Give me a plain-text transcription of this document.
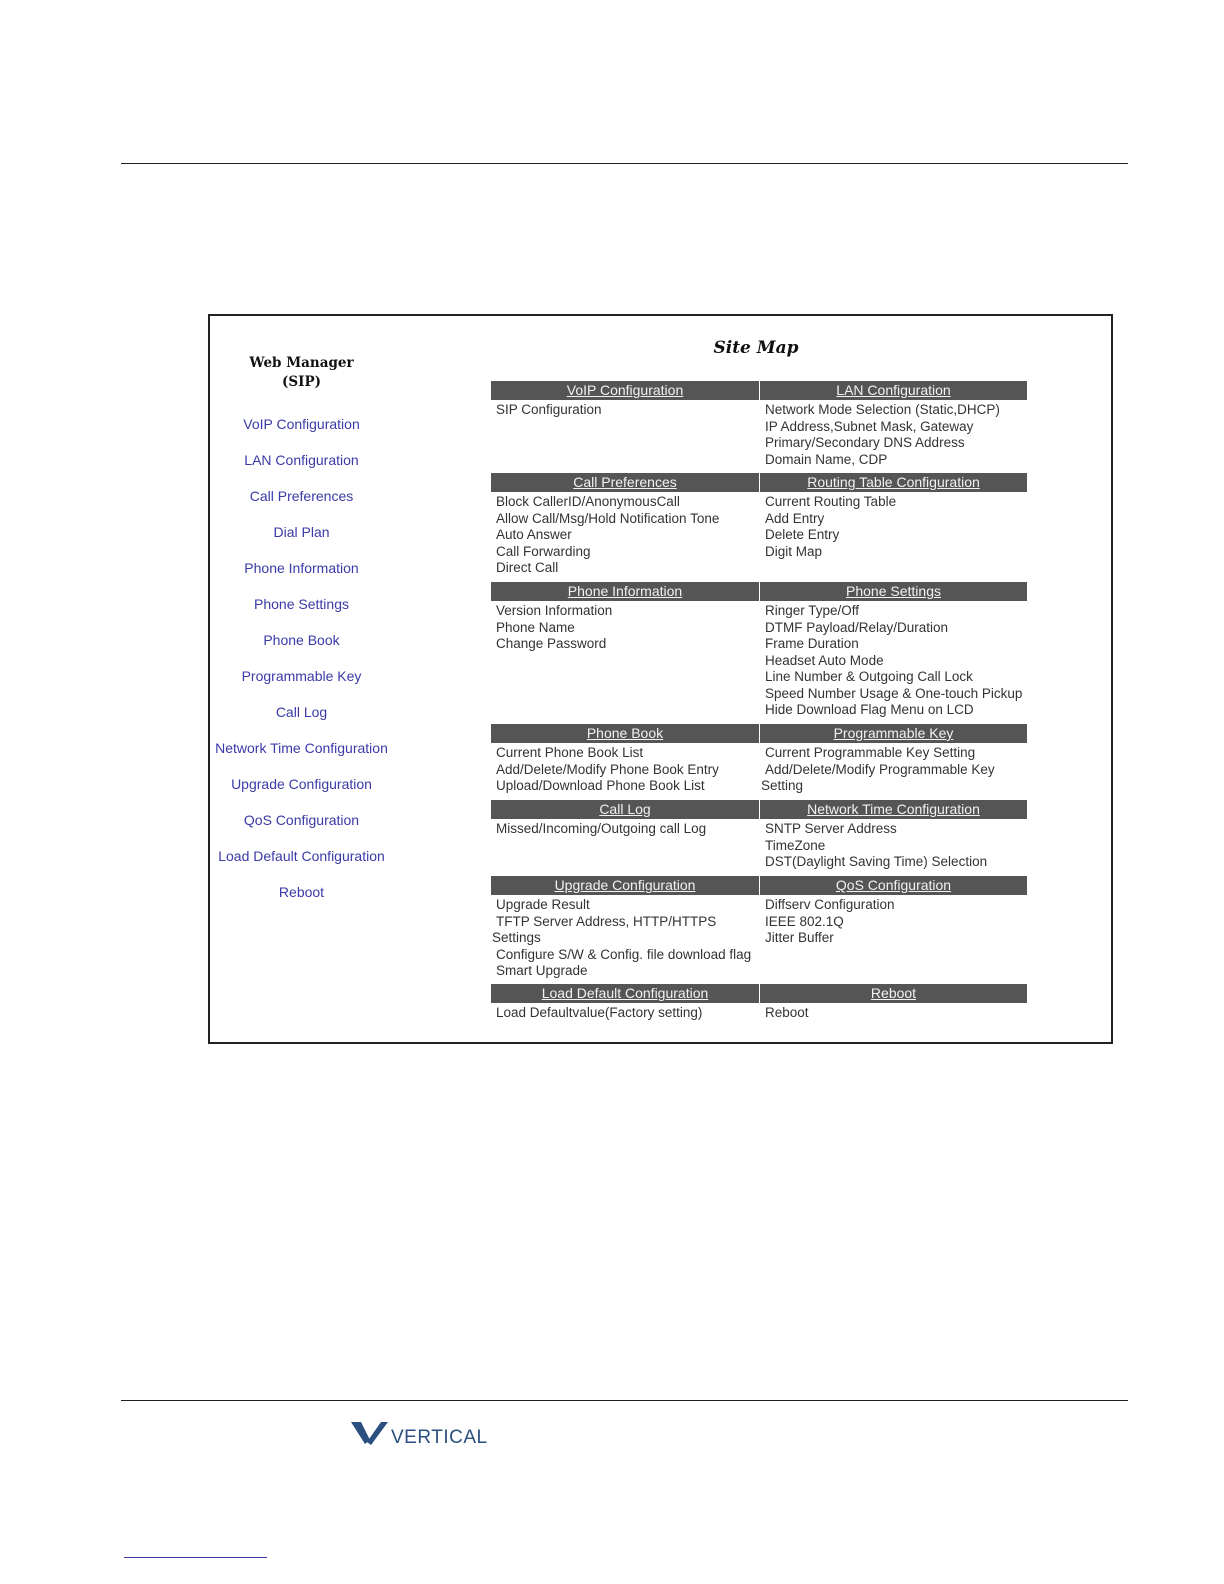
Web Manager
(SIP)
VoIP Configuration
LAN Configuration
Call Preferences
Dial Plan
Phone Information
Phone Settings
Phone Book
Programmable Key
Call Log
Network Time Configuration
Upgrade Configuration
QoS Configuration
Load Default Configuration
Reboot
Site Map
VoIP Configuration
SIP Configuration
LAN Configuration
Network Mode Selection (Static,DHCP)
IP Address,Subnet Mask, Gateway
Primary/Secondary DNS Address
Domain Name, CDP
Call Preferences
Block CallerID/AnonymousCall
Allow Call/Msg/Hold Notification Tone
Auto Answer
Call Forwarding
Direct Call
Routing Table Configuration
Current Routing Table
Add Entry
Delete Entry
Digit Map
Phone Information
Version Information
Phone Name
Change Password
Phone Settings
Ringer Type/Off
DTMF Payload/Relay/Duration
Frame Duration
Headset Auto Mode
Line Number & Outgoing Call Lock
Speed Number Usage & One-touch Pickup
Hide Download Flag Menu on LCD
Phone Book
Current Phone Book List
Add/Delete/Modify Phone Book Entry
Upload/Download Phone Book List
Programmable Key
Current Programmable Key Setting
Add/Delete/Modify Programmable Key
Setting
Call Log
Missed/Incoming/Outgoing call Log
Network Time Configuration
SNTP Server Address
TimeZone
DST(Daylight Saving Time) Selection
Upgrade Configuration
Upgrade Result
TFTP Server Address, HTTP/HTTPS
Settings
Configure S/W & Config. file download flag
Smart Upgrade
QoS Configuration
Diffserv Configuration
IEEE 802.1Q
Jitter Buffer
Load Default Configuration
Load Defaultvalue(Factory setting)
Reboot
Reboot
VERTICAL
